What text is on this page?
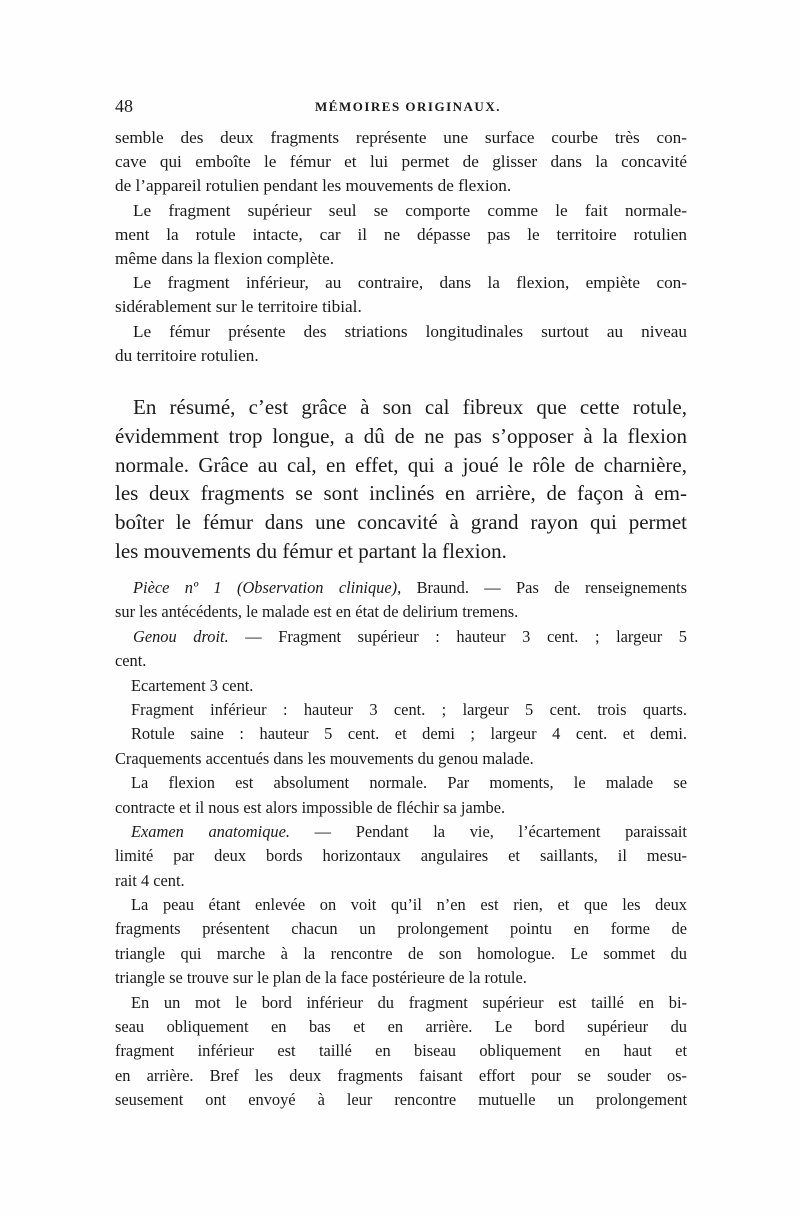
48	MÉMOIRES ORIGINAUX.
semble des deux fragments représente une surface courbe très con-
cave qui emboîte le fémur et lui permet de glisser dans la concavité
de l’appareil rotulien pendant les mouvements de flexion.
Le fragment supérieur seul se comporte comme le fait normale-
ment la rotule intacte, car il ne dépasse pas le territoire rotulien
même dans la flexion complète.
Le fragment inférieur, au contraire, dans la flexion, empiète con-
sidérablement sur le territoire tibial.
Le fémur présente des striations longitudinales surtout au niveau
du territoire rotulien.
En résumé, c’est grâce à son cal fibreux que cette rotule,
évidemment trop longue, a dû de ne pas s’opposer à la flexion
normale. Grâce au cal, en effet, qui a joué le rôle de charnière,
les deux fragments se sont inclinés en arrière, de façon à em-
boîter le fémur dans une concavité à grand rayon qui permet
les mouvements du fémur et partant la flexion.
Pièce nº 1 (Observation clinique), Braund. — Pas de renseignements
sur les antécédents, le malade est en état de delirium tremens.
Genou droit. — Fragment supérieur : hauteur 3 cent. ; largeur 5
cent.
Ecartement 3 cent.
Fragment inférieur : hauteur 3 cent. ; largeur 5 cent. trois quarts.
Rotule saine : hauteur 5 cent. et demi ; largeur 4 cent. et demi.
Craquements accentués dans les mouvements du genou malade.
La flexion est absolument normale. Par moments, le malade se
contracte et il nous est alors impossible de fléchir sa jambe.
Examen anatomique. — Pendant la vie, l’écartement paraissait
limité par deux bords horizontaux angulaires et saillants, il mesu-
rait 4 cent.
La peau étant enlevée on voit qu’il n’en est rien, et que les deux
fragments présentent chacun un prolongement pointu en forme de
triangle qui marche à la rencontre de son homologue. Le sommet du
triangle se trouve sur le plan de la face postérieure de la rotule.
En un mot le bord inférieur du fragment supérieur est taillé en bi-
seau obliquement en bas et en arrière. Le bord supérieur du
fragment inférieur est taillé en biseau obliquement en haut et
en arrière. Bref les deux fragments faisant effort pour se souder os-
seusement ont envoyé à leur rencontre mutuelle un prolongement
